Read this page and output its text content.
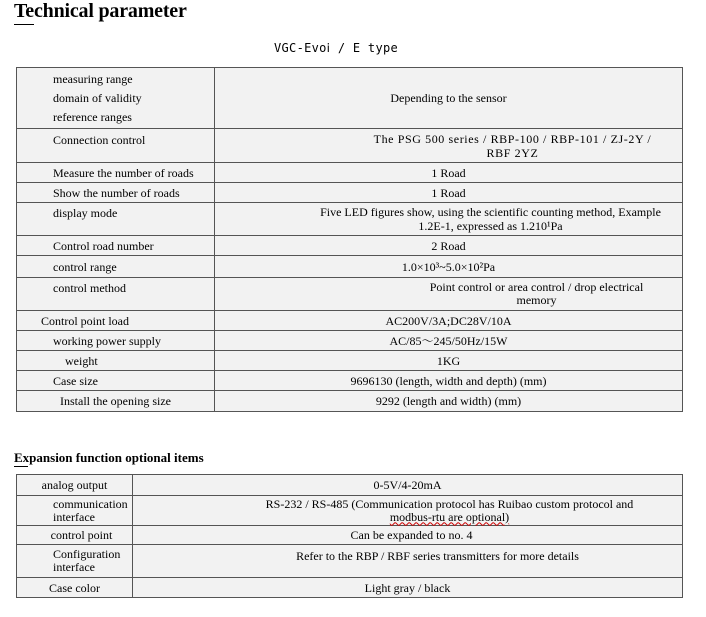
Technical parameter
VGC-Evoⅰ / E type
measuring range
domain of validity
reference ranges	Depending to the sensor

Connection control	The PSG 500 series / RBP-100 / RBP-101 / ZJ-2Y /
RBF 2YZ

Measure the number of roads	1 Road

Show the number of roads	1 Road

display mode	Five LED figures show, using the scientific counting method, Example
1.2E-1, expressed as 1.210¹Pa

Control road number	2 Road

control range	1.0×10³~5.0×10²Pa

control method	Point control or area control / drop electrical
memory

Control point load	AC200V/3A;DC28V/10A

working power supply	AC/85～245/50Hz/15W

weight	1KG

Case size	9696130 (length, width and depth) (mm)

Install the opening size	9292 (length and width) (mm)
Expansion function optional items
analog output	0-5V/4-20mA

communication
interface	RS-232 / RS-485 (Communication protocol has Ruibao custom protocol and
modbus-rtu are optional)

control point	Can be expanded to no. 4

Configuration
interface	Refer to the RBP / RBF series transmitters for more details

Case color	Light gray / black
